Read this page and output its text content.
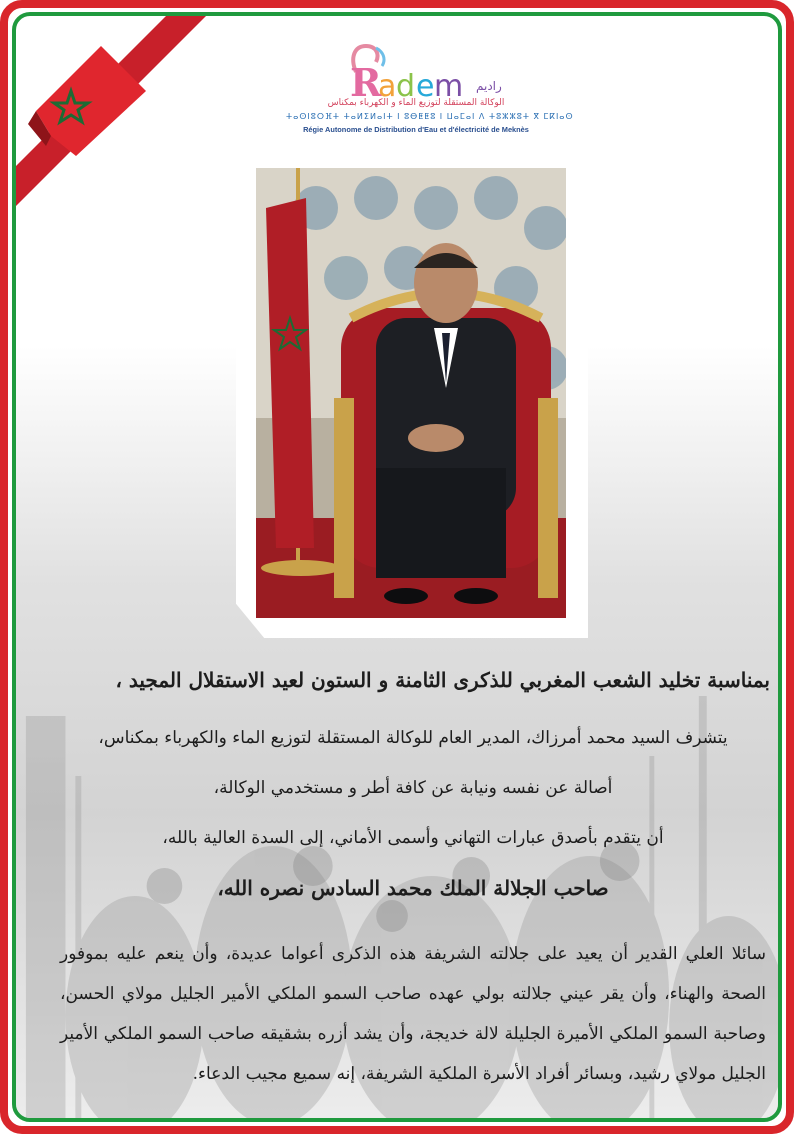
R
a d e m راديم
الوكالة المستقلة لتوزيع الماء و الكهرباء بمكناس
ⵜⴰⵙⵏⵓⵔⴼⵜ ⵜⴰⵍⵉⵍⴰⵏⵜ ⵏ ⵓⴱⵟⵟⵓ ⵏ ⵡⴰⵎⴰⵏ ⴷ ⵜⵓⵣⵣⵓⵜ ⴳ ⵎⴽⵏⴰⵙ
Régie Autonome de Distribution d'Eau et d'électricité de Meknès
بمناسبة تخليد الشعب المغربي للذكرى الثامنة و الستون لعيد الاستقلال المجيد ،
يتشرف السيد محمد أمرزاك، المدير العام للوكالة المستقلة لتوزيع الماء والكهرباء بمكناس،
أصالة عن نفسه ونيابة عن كافة أطر و مستخدمي الوكالة،
أن يتقدم بأصدق عبارات التهاني وأسمى الأماني، إلى السدة العالية بالله،
صاحب الجلالة الملك محمد السادس نصره الله،
سائلا العلي القدير أن يعيد على جلالته الشريفة هذه الذكرى أعواما عديدة، وأن ينعم عليه بموفور الصحة والهناء، وأن يقر عيني جلالته بولي عهده صاحب السمو الملكي الأمير الجليل مولاي الحسن، وصاحبة السمو الملكي الأميرة الجليلة لالة خديجة، وأن يشد أزره بشقيقه صاحب السمو الملكي الأمير الجليل مولاي رشيد، وبسائر أفراد الأسرة الملكية الشريفة، إنه سميع مجيب الدعاء.
